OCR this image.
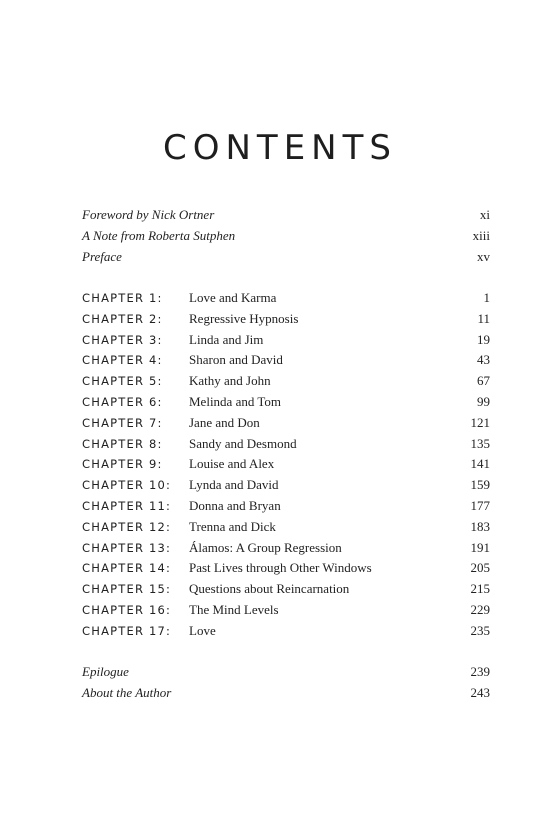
CONTENTS
Foreword by Nick Ortner	xi
A Note from Roberta Sutphen	xiii
Preface	xv
CHAPTER 1: Love and Karma	1
CHAPTER 2: Regressive Hypnosis	11
CHAPTER 3: Linda and Jim	19
CHAPTER 4: Sharon and David	43
CHAPTER 5: Kathy and John	67
CHAPTER 6: Melinda and Tom	99
CHAPTER 7: Jane and Don	121
CHAPTER 8: Sandy and Desmond	135
CHAPTER 9: Louise and Alex	141
CHAPTER 10: Lynda and David	159
CHAPTER 11: Donna and Bryan	177
CHAPTER 12: Trenna and Dick	183
CHAPTER 13: Álamos: A Group Regression	191
CHAPTER 14: Past Lives through Other Windows	205
CHAPTER 15: Questions about Reincarnation	215
CHAPTER 16: The Mind Levels	229
CHAPTER 17: Love	235
Epilogue	239
About the Author	243
